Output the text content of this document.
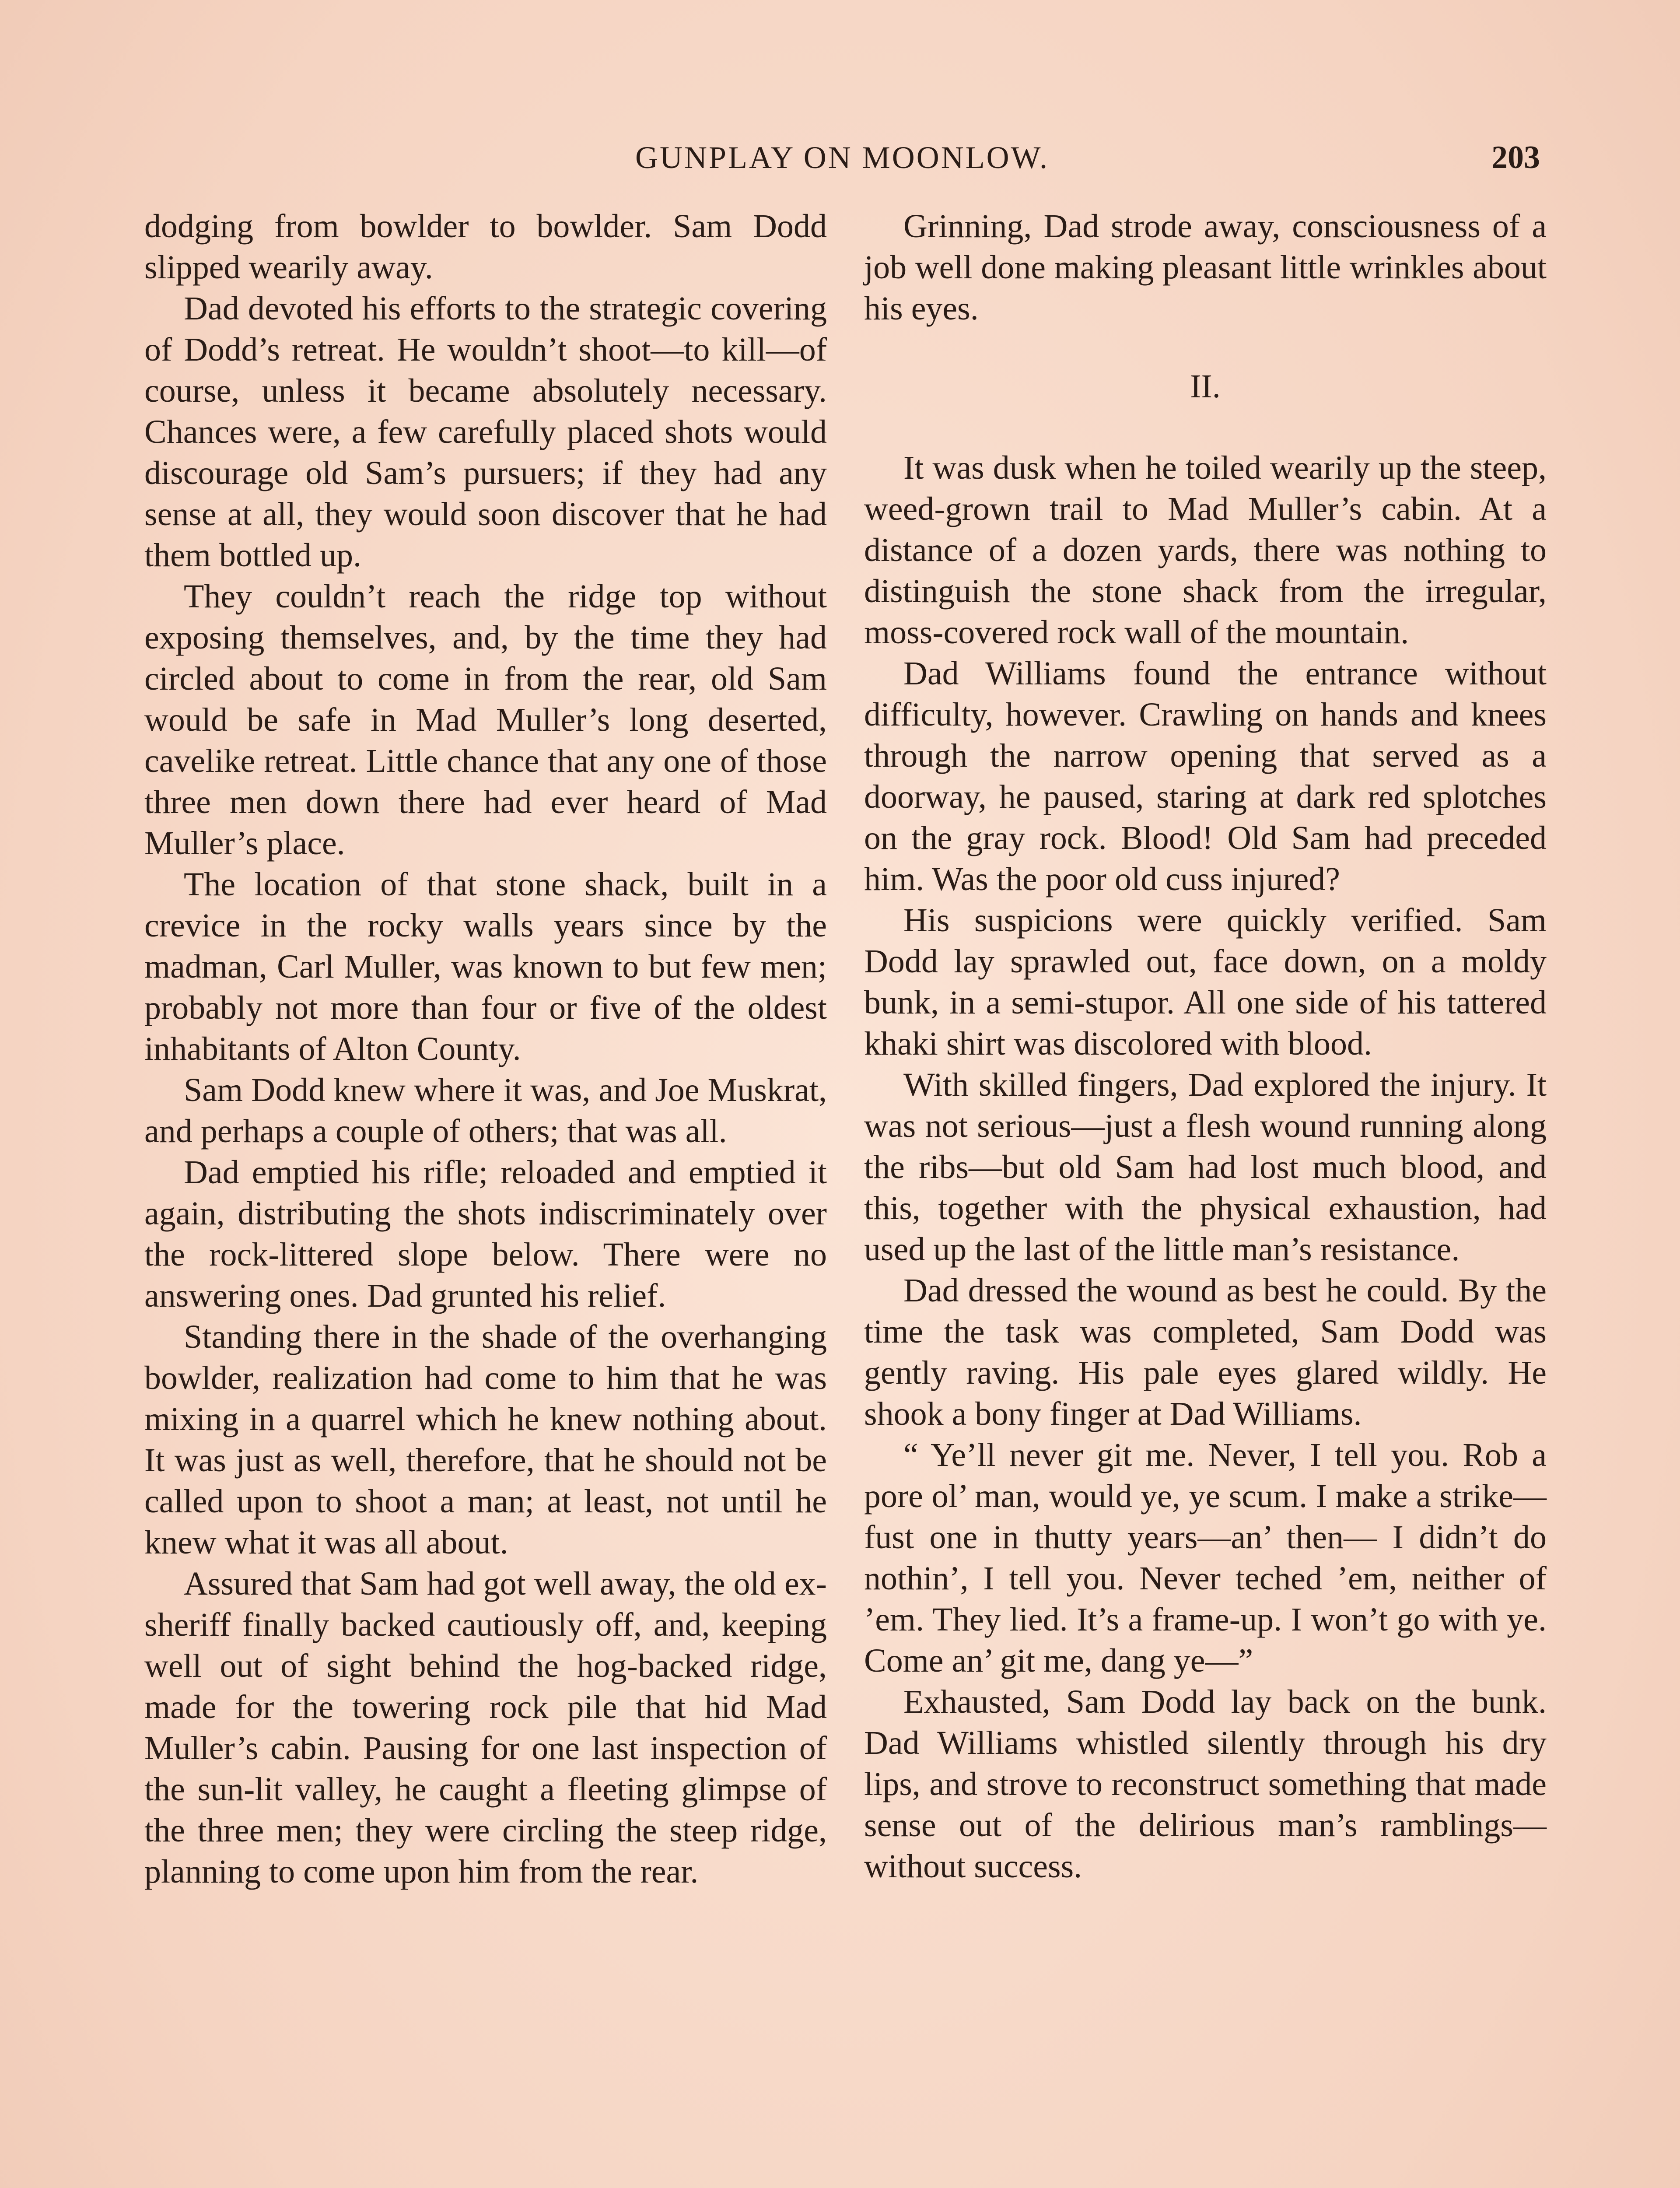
GUNPLAY ON MOONLOW.	203

dodging from bowlder to bowlder. Sam Dodd slipped wearily away.

Dad devoted his efforts to the strategic covering of Dodd’s retreat. He wouldn’t shoot—to kill—of course, unless it became absolutely necessary. Chances were, a few carefully placed shots would discourage old Sam’s pursuers; if they had any sense at all, they would soon discover that he had them bottled up.

They couldn’t reach the ridge top without exposing themselves, and, by the time they had circled about to come in from the rear, old Sam would be safe in Mad Muller’s long deserted, cavelike retreat. Little chance that any one of those three men down there had ever heard of Mad Muller’s place.

The location of that stone shack, built in a crevice in the rocky walls years since by the madman, Carl Muller, was known to but few men; probably not more than four or five of the oldest inhabitants of Alton County.

Sam Dodd knew where it was, and Joe Muskrat, and perhaps a couple of others; that was all.

Dad emptied his rifle; reloaded and emptied it again, distributing the shots indiscriminately over the rock-littered slope below. There were no answering ones. Dad grunted his relief.

Standing there in the shade of the overhanging bowlder, realization had come to him that he was mixing in a quarrel which he knew nothing about. It was just as well, therefore, that he should not be called upon to shoot a man; at least, not until he knew what it was all about.

Assured that Sam had got well away, the old ex-sheriff finally backed cautiously off, and, keeping well out of sight behind the hog-backed ridge, made for the towering rock pile that hid Mad Muller’s cabin. Pausing for one last inspection of the sun-lit valley, he caught a fleeting glimpse of the three men; they were circling the steep ridge, planning to come upon him from the rear.

Grinning, Dad strode away, consciousness of a job well done making pleasant little wrinkles about his eyes.

II.

It was dusk when he toiled wearily up the steep, weed-grown trail to Mad Muller’s cabin. At a distance of a dozen yards, there was nothing to distinguish the stone shack from the irregular, moss-covered rock wall of the mountain.

Dad Williams found the entrance without difficulty, however. Crawling on hands and knees through the narrow opening that served as a doorway, he paused, staring at dark red splotches on the gray rock. Blood! Old Sam had preceded him. Was the poor old cuss injured?

His suspicions were quickly verified. Sam Dodd lay sprawled out, face down, on a moldy bunk, in a semi-stupor. All one side of his tattered khaki shirt was discolored with blood.

With skilled fingers, Dad explored the injury. It was not serious—just a flesh wound running along the ribs—but old Sam had lost much blood, and this, together with the physical exhaustion, had used up the last of the little man’s resistance.

Dad dressed the wound as best he could. By the time the task was completed, Sam Dodd was gently raving. His pale eyes glared wildly. He shook a bony finger at Dad Williams.

“ Ye’ll never git me. Never, I tell you. Rob a pore ol’ man, would ye, ye scum. I make a strike—fust one in thutty years—an’ then— I didn’t do nothin’, I tell you. Never teched ’em, neither of ’em. They lied. It’s a frame-up. I won’t go with ye. Come an’ git me, dang ye—”

Exhausted, Sam Dodd lay back on the bunk. Dad Williams whistled silently through his dry lips, and strove to reconstruct something that made sense out of the delirious man’s ramblings—without success.
